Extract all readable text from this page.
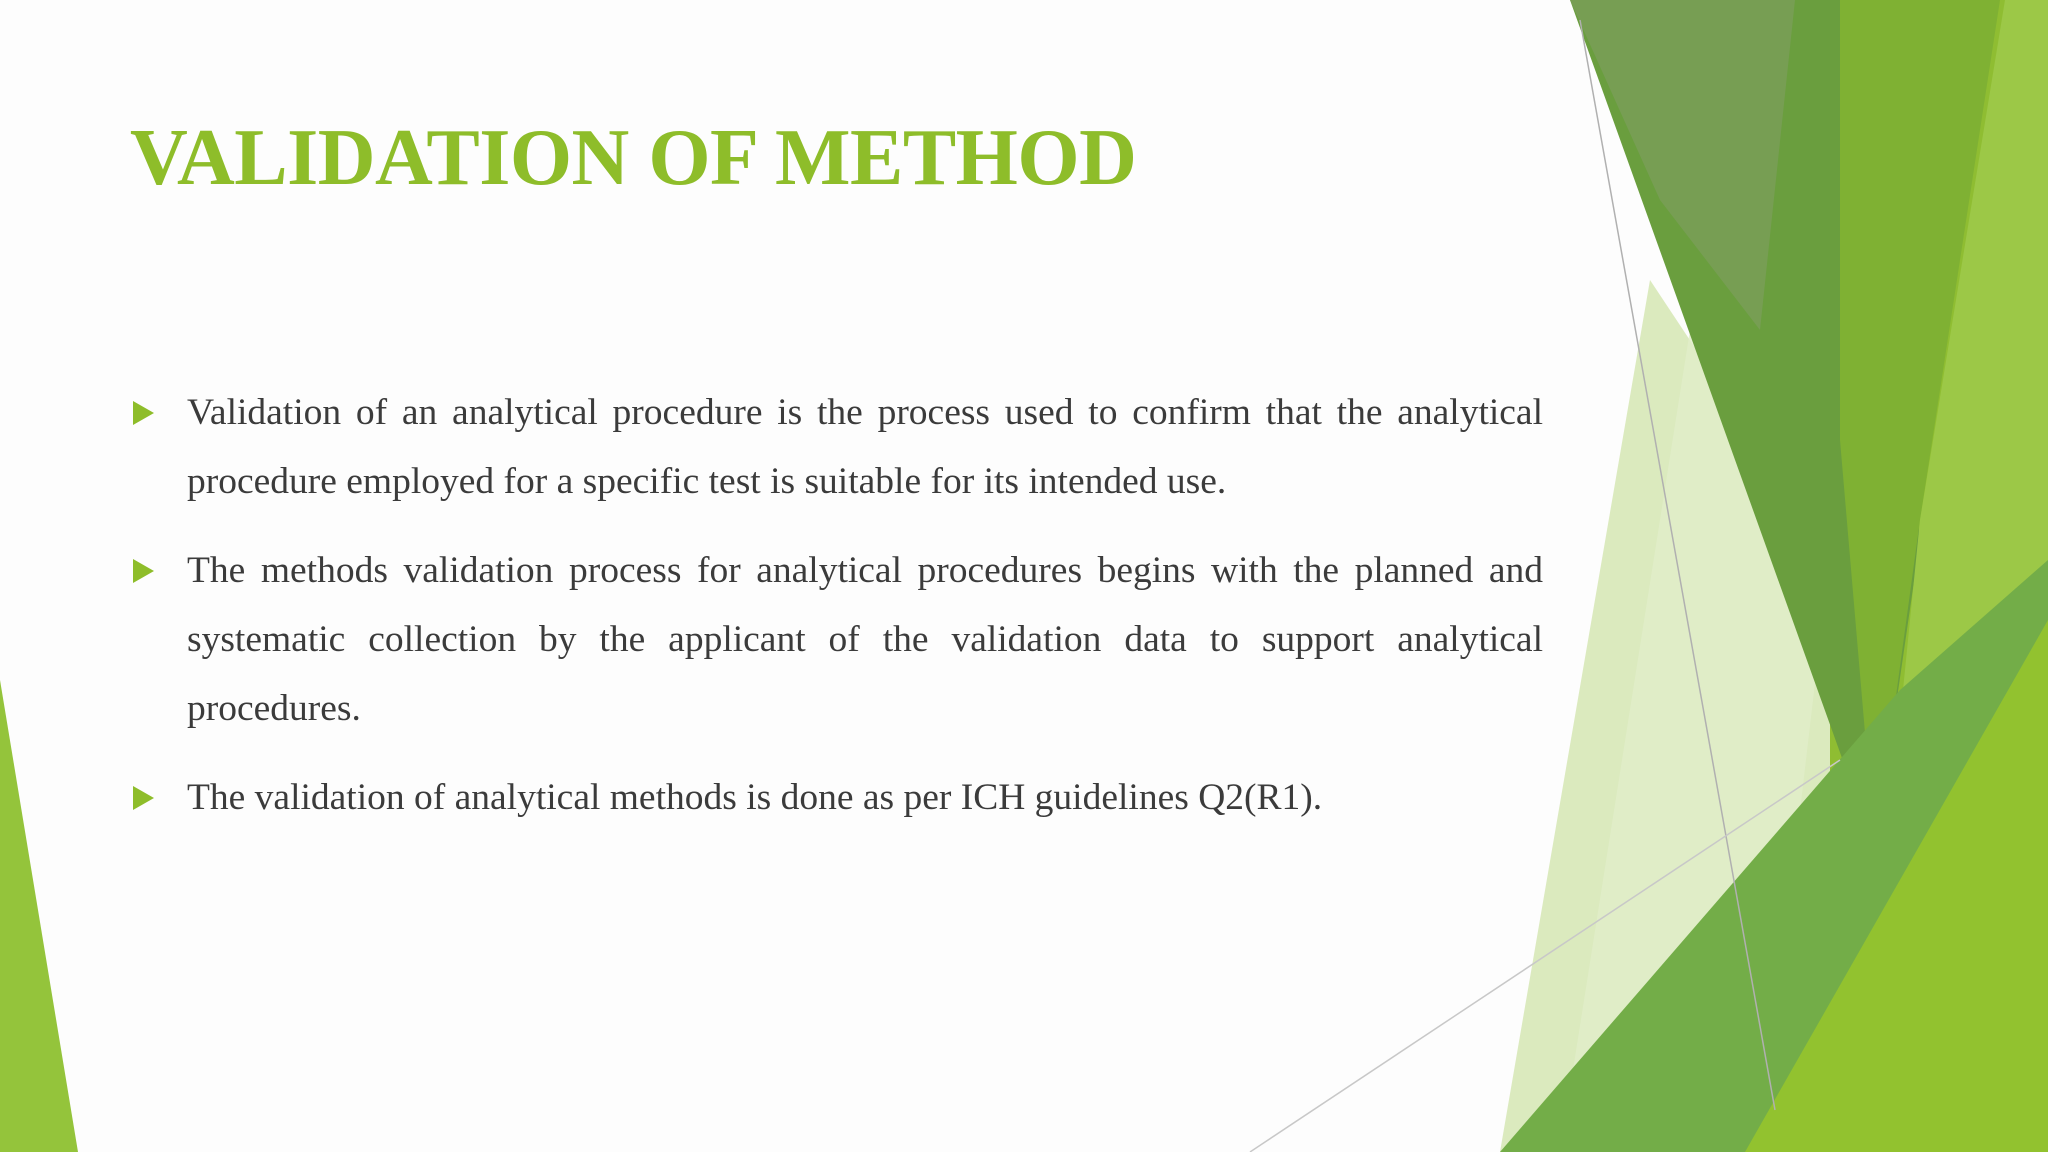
VALIDATION OF METHOD
Validation of an analytical procedure is the process used to confirm that the analytical procedure employed for a specific test is suitable for its intended use.
The methods validation process for analytical procedures begins with the planned and systematic collection by the applicant of the validation data to support analytical procedures.
The validation of analytical methods is done as per ICH guidelines Q2(R1).
